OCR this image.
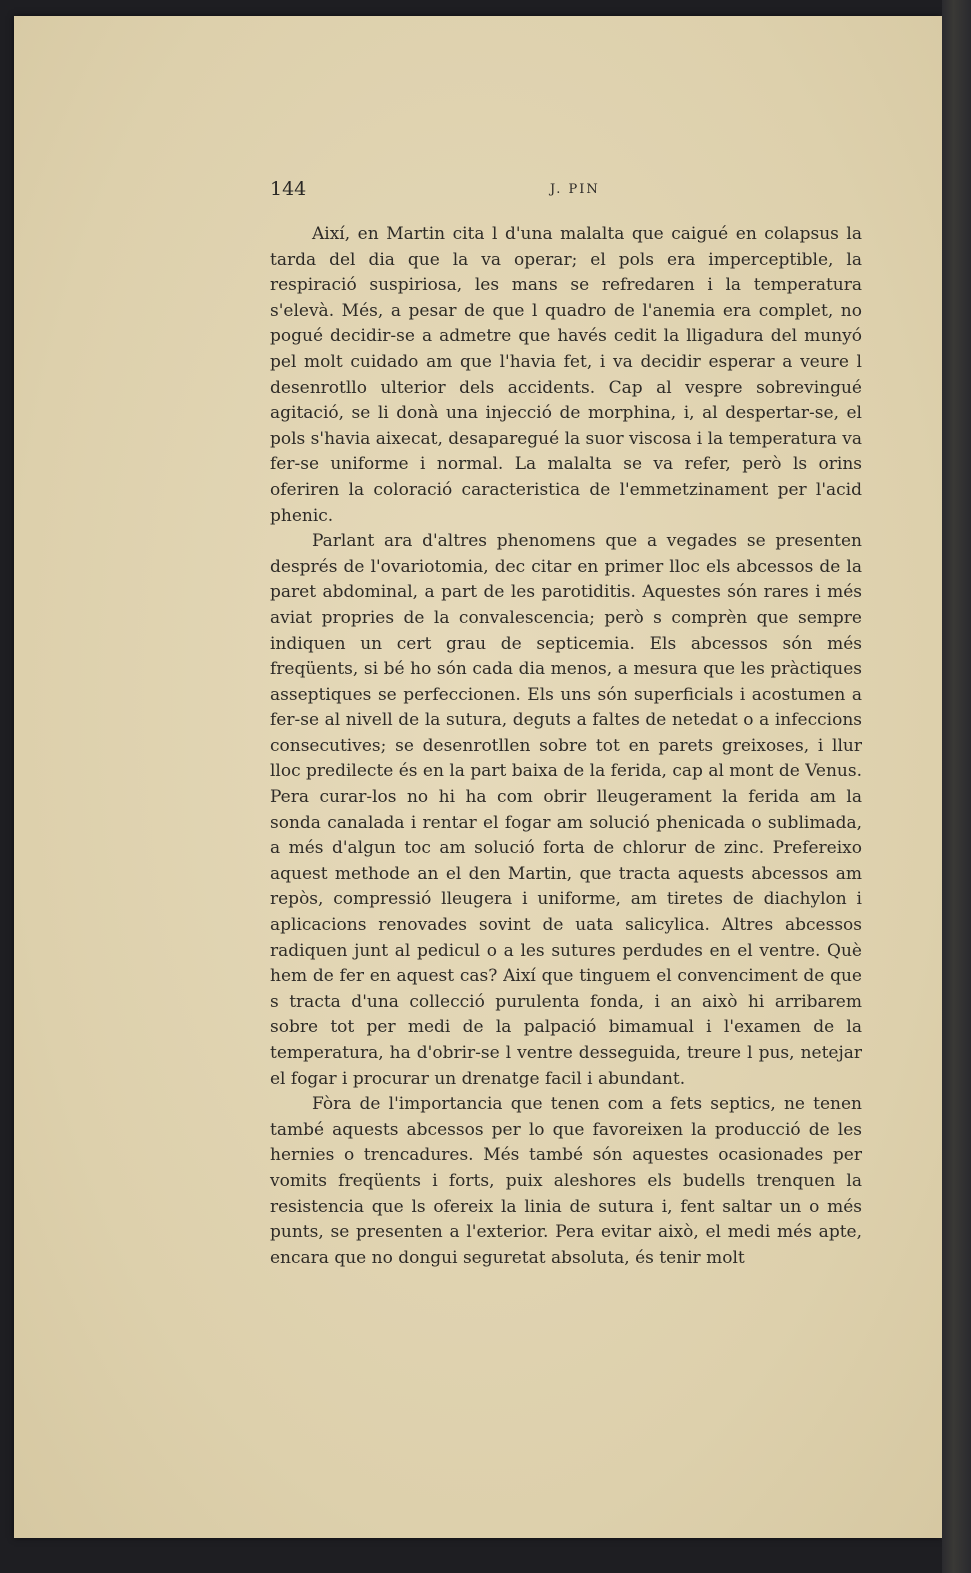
144	J. PIN

Així, en Martin cita l d'una malalta que caigué en colapsus la tarda del dia que la va operar; el pols era imperceptible, la respiració suspiriosa, les mans se refredaren i la temperatura s'elevà. Més, a pesar de que l quadro de l'anemia era complet, no pogué decidir-se a admetre que havés cedit la lligadura del munyó pel molt cuidado am que l'havia fet, i va decidir esperar a veure l desenrotllo ulterior dels accidents. Cap al vespre sobrevingué agitació, se li donà una injecció de morphina, i, al despertar-se, el pols s'havia aixecat, desaparegué la suor viscosa i la temperatura va fer-se uniforme i normal. La malalta se va refer, però ls orins oferiren la coloració caracteristica de l'emmetzinament per l'acid phenic.

Parlant ara d'altres phenomens que a vegades se presenten després de l'ovariotomia, dec citar en primer lloc els abcessos de la paret abdominal, a part de les parotiditis. Aquestes són rares i més aviat propries de la convalescencia; però s comprèn que sempre indiquen un cert grau de septicemia. Els abcessos són més freqüents, si bé ho són cada dia menos, a mesura que les pràctiques asseptiques se perfeccionen. Els uns són superficials i acostumen a fer-se al nivell de la sutura, deguts a faltes de netedat o a infeccions consecutives; se desenrotllen sobre tot en parets greixoses, i llur lloc predilecte és en la part baixa de la ferida, cap al mont de Venus. Pera curar-los no hi ha com obrir lleugerament la ferida am la sonda canalada i rentar el fogar am solució phenicada o sublimada, a més d'algun toc am solució forta de chlorur de zinc. Prefereixo aquest methode an el den Martin, que tracta aquests abcessos am repòs, compressió lleugera i uniforme, am tiretes de diachylon i aplicacions renovades sovint de uata salicylica. Altres abcessos radiquen junt al pedicul o a les sutures perdudes en el ventre. Què hem de fer en aquest cas? Així que tinguem el convenciment de que s tracta d'una collecció purulenta fonda, i an això hi arribarem sobre tot per medi de la palpació bimamual i l'examen de la temperatura, ha d'obrir-se l ventre desseguida, treure l pus, netejar el fogar i procurar un drenatge facil i abundant.

Fòra de l'importancia que tenen com a fets septics, ne tenen també aquests abcessos per lo que favoreixen la producció de les hernies o trencadures. Més també són aquestes ocasionades per vomits freqüents i forts, puix aleshores els budells trenquen la resistencia que ls ofereix la linia de sutura i, fent saltar un o més punts, se presenten a l'exterior. Pera evitar això, el medi més apte, encara que no dongui seguretat absoluta, és tenir molt
